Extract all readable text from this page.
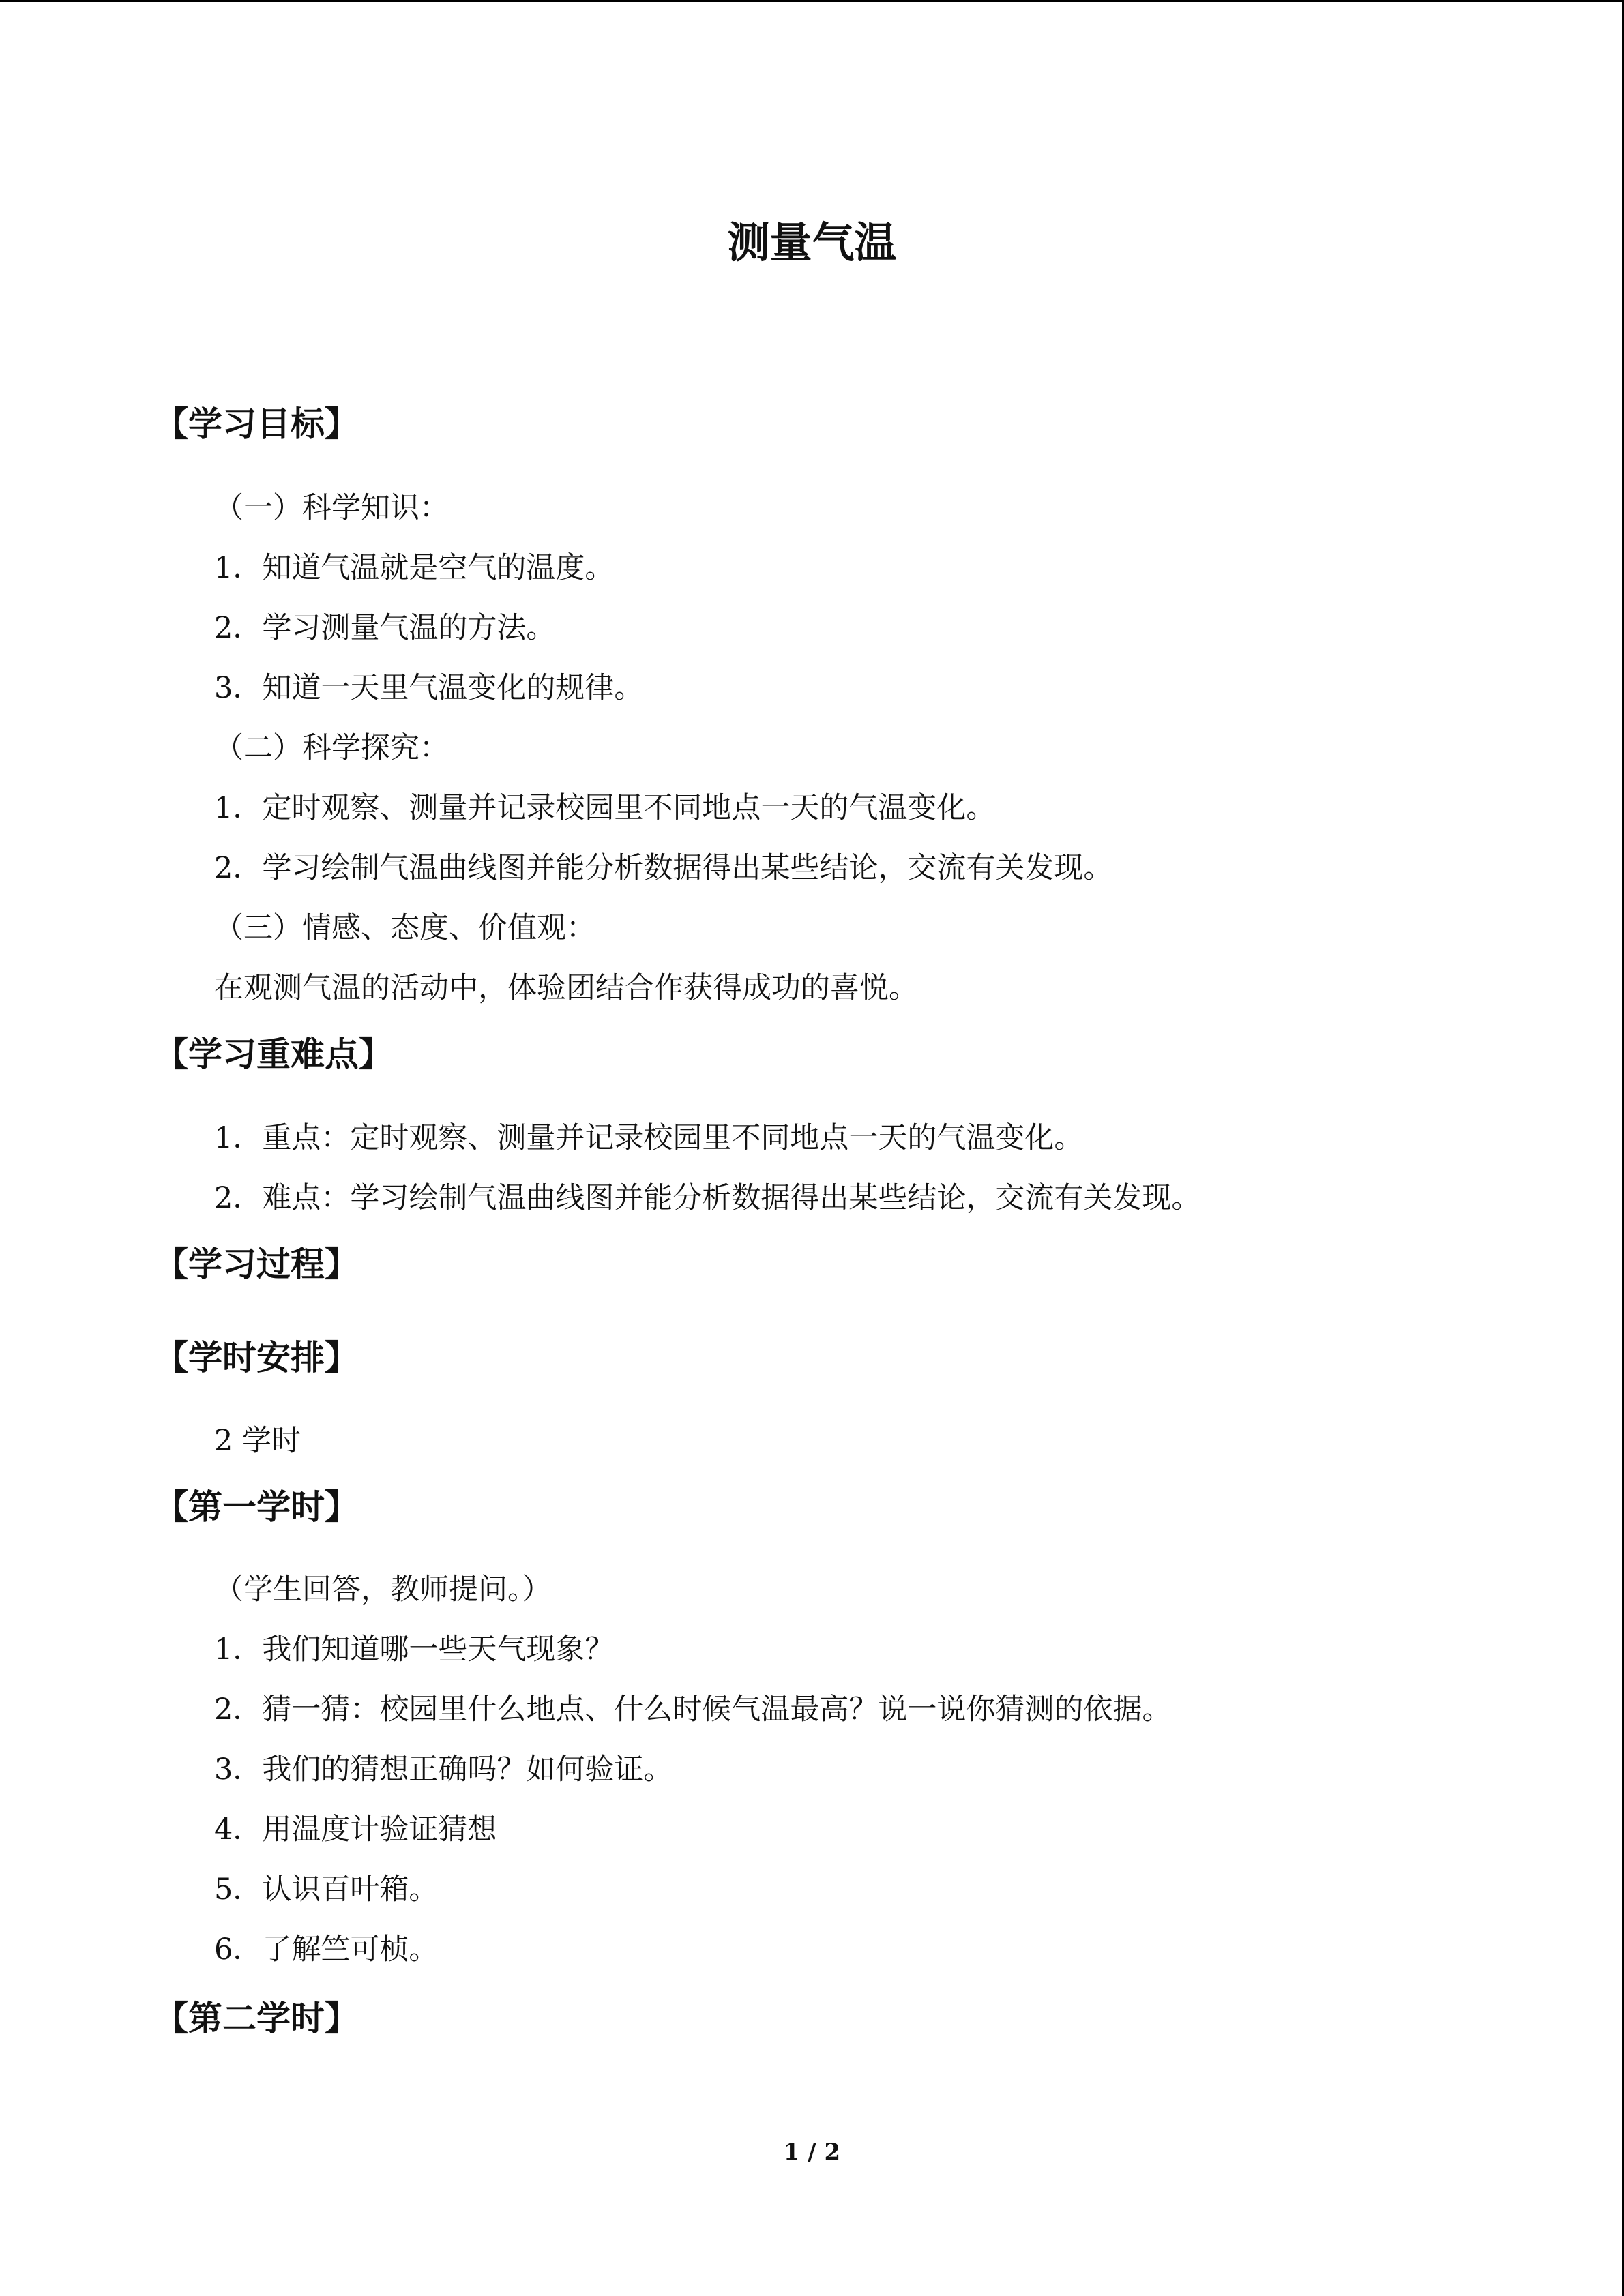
测量气温
【学习目标】
（一）科学知识：
1．知道气温就是空气的温度。
2．学习测量气温的方法。
3．知道一天里气温变化的规律。
（二）科学探究：
1．定时观察、测量并记录校园里不同地点一天的气温变化。
2．学习绘制气温曲线图并能分析数据得出某些结论，交流有关发现。
（三）情感、态度、价值观：
在观测气温的活动中，体验团结合作获得成功的喜悦。
【学习重难点】
1．重点：定时观察、测量并记录校园里不同地点一天的气温变化。
2．难点：学习绘制气温曲线图并能分析数据得出某些结论，交流有关发现。
【学习过程】
【学时安排】
2 学时
【第一学时】
（学生回答，教师提问。）
1．我们知道哪一些天气现象？
2．猜一猜：校园里什么地点、什么时候气温最高？说一说你猜测的依据。
3．我们的猜想正确吗？如何验证。
4．用温度计验证猜想
5．认识百叶箱。
6．了解竺可桢。
【第二学时】
1 / 2
